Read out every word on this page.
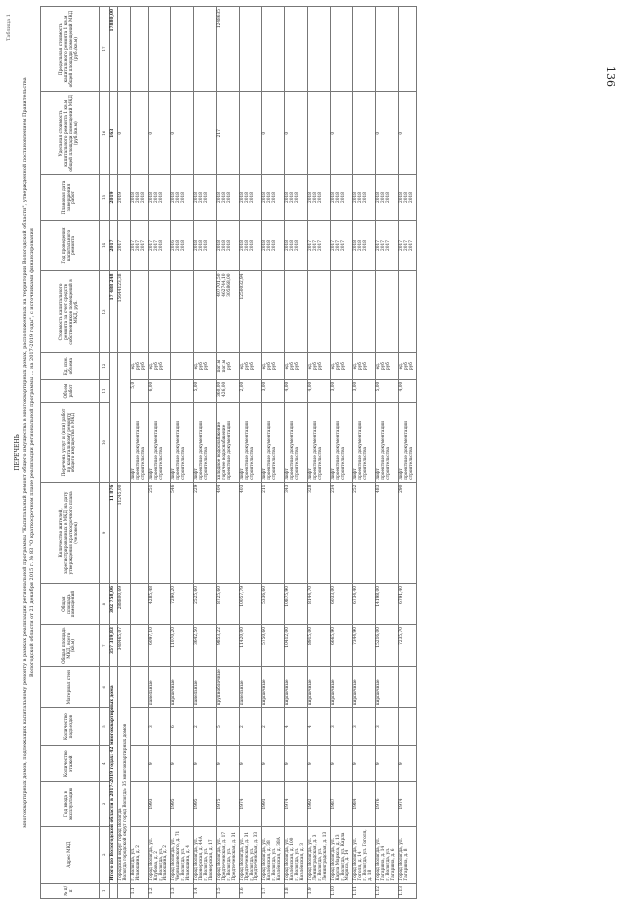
Таблица 1
ПЕРЕЧЕНЬ многоквартирных домов, подлежащих капитальному ремонту в рамках реализации региональной программы "Капитальный ремонт общего имущества в многоквартирных домах, расположенных на территории Вологодской области", утвержденной постановлением Правительства Вологодской области от 21 декабря 2015 г. № 83 "О краткосрочном плане реализации региональной программы ... на 2017-2019 годы", с источниками финансирования
№ п/п	Адрес МКД	Год ввода в эксплуатацию	Количество этажей	Количество подъездов	Материал стен	Общая площадь МКД, всего (кв.м)	Общая площадь помещений	Количество жителей, зарегистрированных в МКД на дату утверждения краткосрочного плана (человек)	Перечень услуг и (или) работ по капитальному ремонту общего имущества в МКД	Объем работ	Ед. изм. объема	Стоимость капитального ремонта за счет средств собственников помещений в МКД, руб.	Год проведения капитального ремонта	Плановая дата завершения работ	Удельная стоимость капитального ремонта 1 кв.м общей площади помещений МКД (руб./кв.м)	Предельная стоимость капитального ремонта 1 кв.м общей площади помещений МКД (руб./кв.м)
1	2	3	4	5	6	7	8	9	10	11	12	13	14	15	16	17
	Итого по Вологодской области в 2017-2019 годах: 42 многоквартирных дома					357 319,83	302 758,06	11 876				17 488 248	2017	2019	163	17880,00

	Городской округ город Вологда Вологда городской округ город Вологда: 35 многоквартирных домов					348465,07	288800,69	11245,00				15644123,38	2017	2019	0	

1.1	г. Вологда, ул. Ильюшина, д. 2								лифт проектные документации строительства	5,0	ед. руб руб		2017 2017 2017	2018 2018 2018		

1.2	Город Вологда, ул. Клубова, д. 2 г. Вологда, ул. Ильюшина, д. 2	1993	9	3	панельные	6097,10	4285,48	251	лифт проектные документации строительства	6,00	ед. руб руб		2017 2017 2018	2018 2018 2018	0	

1.3	Город Вологда, ул. Чернышевского, д. 71 г. Вологда, ул. Ильюшина, д. 4	1995	9	6	кирпичные	11070,20	7290,20	546	лифт проектные документации строительства				2016 2018 2018	2018 2018 2018	0	

1.4	Город Вологда, ул. Пионерская, д. 44А г. Вологда, ул. Пионерская, д. 17	1995	9	2	панельные	3642,50	2525,60	229	лифт проектные документации строительства	5,00	ед. руб руб		2018 2018 2018	2018 2018 2018		

1.5	Город Вологда, ул. Предтеченская, д. 17 г. Вологда, ул. Предтеченская, д. 31	1975	9	5	крупноблочные	9853,22	8725,60	404	холодное водоснабжение горячее водоснабжение проектные документации	360,00 426,00	пог.м пог.м руб	407701,50 462744,10 305868,00	2018 2018 2018	2018 2018 2018	217	1248635

1.6	Город Вологда, ул. Предтеченская, д. 31 г. Вологда, ул. Предтеченская, д. 33	1974	9	2	панельные	11420,00	10057,79	403	лифт проектные документации строительства	2,00	ед. руб руб	1250032,94	2018 2018 2018	2018 2018 2018		

1.7	Город Вологда, ул. Козлёнская, д. 38 г. Вологда, ул. Козлёнская, д. 38А	1991	9	2	кирпичные	5750,60	5336,60	211	лифт проектные документации строительства	3,00	ед. руб руб		2018 2018 2018	2018 2018 2018	0	

1.8	Город Вологда, ул. Козлёнская, д. 100 г. Вологда, ул. Козлёнская, д. 3	1974	9	4	кирпичные	10412,00	10875,90	343	лифт проектные документации строительства	4,00	ед. руб руб		2018 2018 2018	2018 2018 2018	0	

1.9	Город Вологда, ул. Ленинградская, д. 3 г. Вологда, ул. Ленинградская, д. 13	1992	9	4	кирпичные	8915,00	8144,70	328	лифт проектные документации строительства	4,00	ед. руб руб		2017 2017 2017	2018 2018 2018		

1.10	Город Вологда, ул. Карла Маркса, д. 13 г. Вологда, ул. Карла Маркса, д. 14	1987	9	3	кирпичные	6665,90	6033,00	234	лифт проектные документации строительства	3,00	ед. руб руб		2017 2017 2017	2018 2018 2018	0	

1.11	Город Вологда, ул. Гоголя, д. 14 г. Вологда, ул. Гоголя, д. 18	1984	9	3	кирпичные	7344,90	6734,40	252	лифт проектные документации строительства	3,00	ед. руб руб		2018 2018 2018	2018 2018 2018		

1.12	Город Вологда, ул. Гагарина, д. 14 г. Вологда, ул. Гагарина, д. 6	1976	9	3	кирпичные	15216,00	14198,00	483	лифт проектные документации строительства	5,00	ед. руб руб		2017 2017 2017	2018 2018 2018	0	

1.13	Город Вологда, ул. Гагарина, д. 8	1974	9			7235,70	6791,40	290	лифт проектные документации строительства	4,00	ед. руб руб		2017 2017 2017	2018 2018 2018	0	

136
